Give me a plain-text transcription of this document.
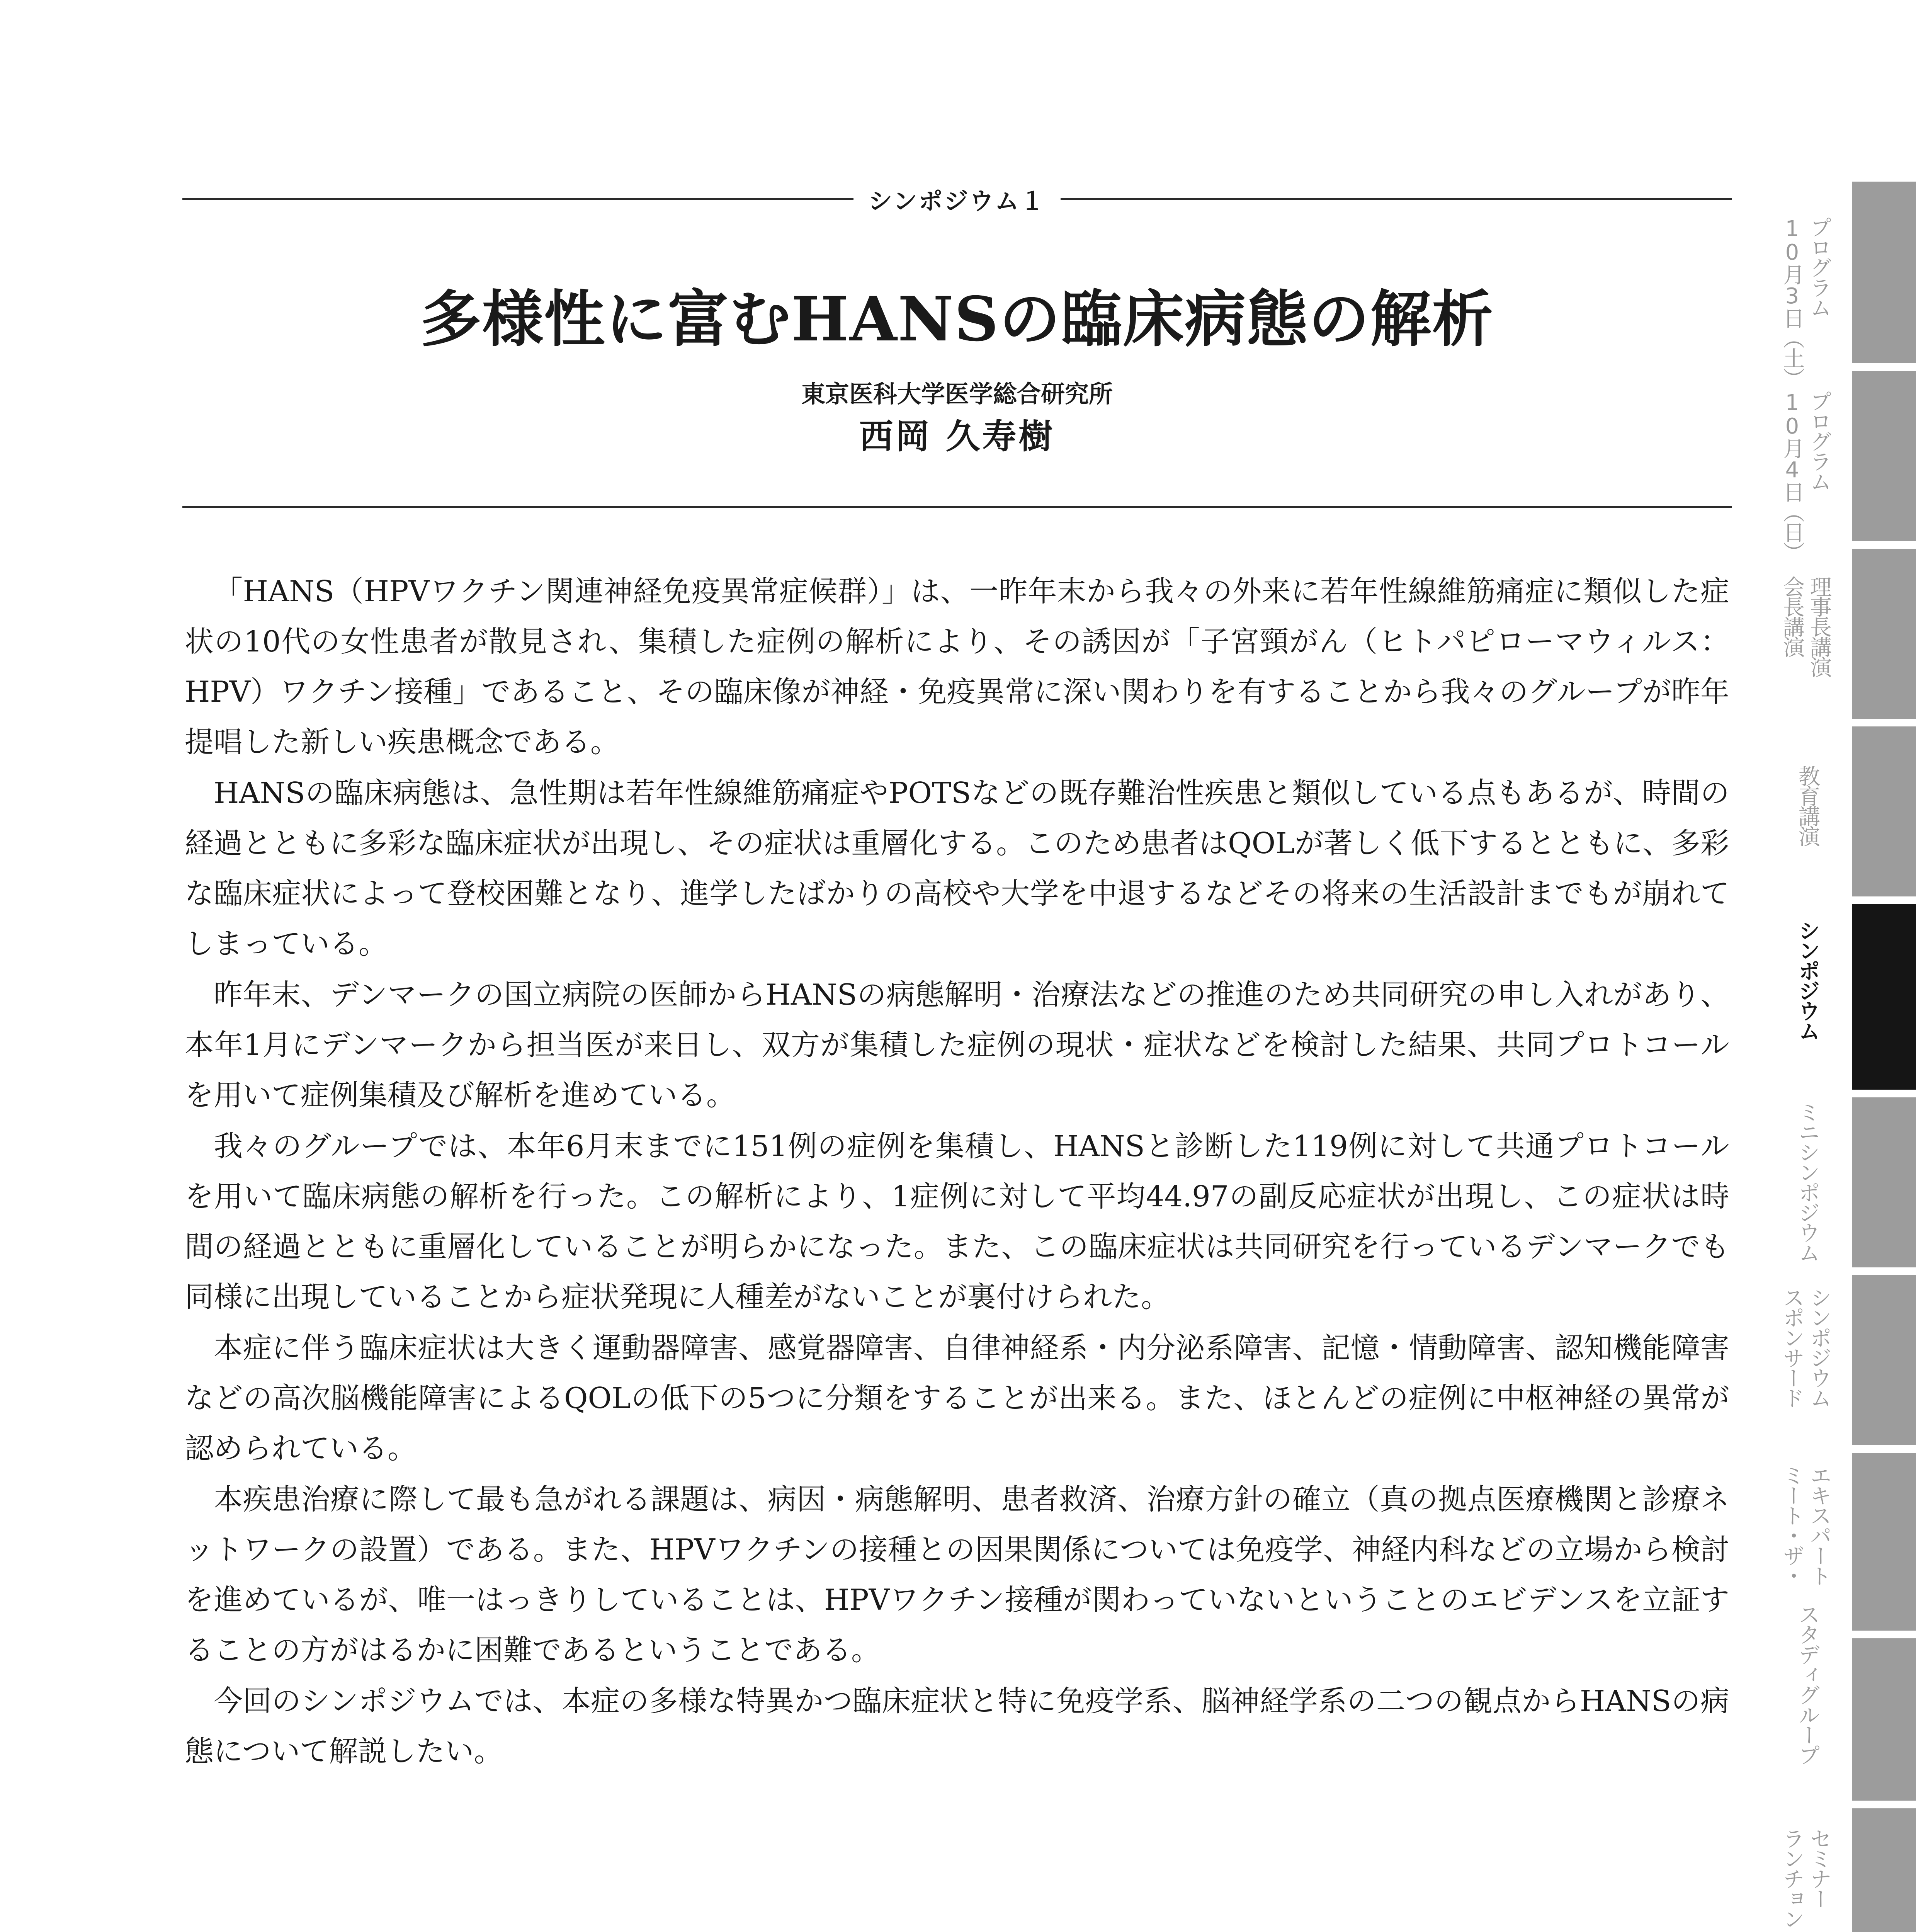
シンポジウム１
多様性に富むHANSの臨床病態の解析
東京医科大学医学総合研究所
西岡 久寿樹

「HANS（HPVワクチン関連神経免疫異常症候群）」は、一昨年末から我々の外来に若年性線維筋痛症に類似した症状の10代の女性患者が散見され、集積した症例の解析により、その誘因が「子宮頸がん（ヒトパピローマウィルス：HPV）ワクチン接種」であること、その臨床像が神経・免疫異常に深い関わりを有することから我々のグループが昨年提唱した新しい疾患概念である。

HANSの臨床病態は、急性期は若年性線維筋痛症やPOTSなどの既存難治性疾患と類似している点もあるが、時間の経過とともに多彩な臨床症状が出現し、その症状は重層化する。このため患者はQOLが著しく低下するとともに、多彩な臨床症状によって登校困難となり、進学したばかりの高校や大学を中退するなどその将来の生活設計までもが崩れてしまっている。

昨年末、デンマークの国立病院の医師からHANSの病態解明・治療法などの推進のため共同研究の申し入れがあり、本年1月にデンマークから担当医が来日し、双方が集積した症例の現状・症状などを検討した結果、共同プロトコールを用いて症例集積及び解析を進めている。

我々のグループでは、本年6月末までに151例の症例を集積し、HANSと診断した119例に対して共通プロトコールを用いて臨床病態の解析を行った。この解析により、1症例に対して平均44.97の副反応症状が出現し、この症状は時間の経過とともに重層化していることが明らかになった。また、この臨床症状は共同研究を行っているデンマークでも同様に出現していることから症状発現に人種差がないことが裏付けられた。

本症に伴う臨床症状は大きく運動器障害、感覚器障害、自律神経系・内分泌系障害、記憶・情動障害、認知機能障害などの高次脳機能障害によるQOLの低下の5つに分類をすることが出来る。また、ほとんどの症例に中枢神経の異常が認められている。

本疾患治療に際して最も急がれる課題は、病因・病態解明、患者救済、治療方針の確立（真の拠点医療機関と診療ネットワークの設置）である。また、HPVワクチンの接種との因果関係については免疫学、神経内科などの立場から検討を進めているが、唯一はっきりしていることは、HPVワクチン接種が関わっていないということのエビデンスを立証することの方がはるかに困難であるということである。

今回のシンポジウムでは、本症の多様な特異かつ臨床症状と特に免疫学系、脳神経学系の二つの観点からHANSの病態について解説したい。

10月3日（土） プログラム
10月4日（日） プログラム
会長講演 理事長講演
教育講演
シンポジウム
ミニシンポジウム
スポンサード シンポジウム
ミート・ザ・ エキスパート
スタディグループ
ランチョン セミナー
